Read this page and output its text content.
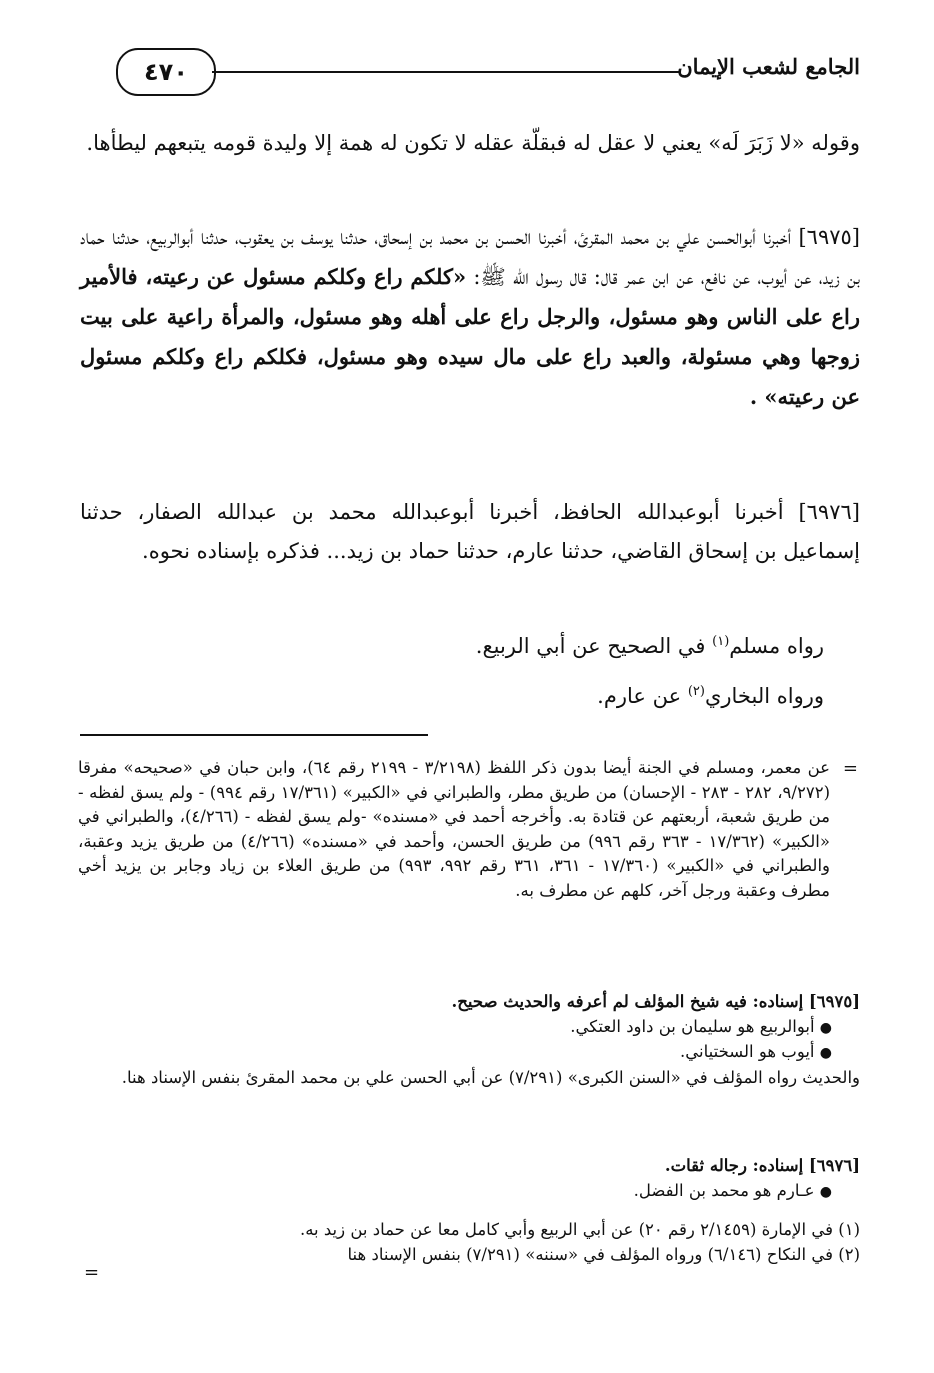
٤٧٠	الجامع لشعب الإيمان

وقوله «لا زَبَرَ لَه» يعني لا عقل له فبقلّة عقله لا تكون له همة إلا وليدة قومه يتبعهم ليطأها.

[٦٩٧٥] أخبرنا أبوالحسن علي بن محمد المقرئ، أخبرنا الحسن بن محمد بن إسحاق، حدثنا يوسف بن يعقوب، حدثنا أبوالربيع، حدثنا حماد بن زيد، عن أيوب، عن نافع، عن ابن عمر قال: قال رسول الله ﷺ: «كلكم راع وكلكم مسئول عن رعيته، فالأمير راع على الناس وهو مسئول، والرجل راع على أهله وهو مسئول، والمرأة راعية على بيت زوجها وهي مسئولة، والعبد راع على مال سيده وهو مسئول، فكلكم راع وكلكم مسئول عن رعيته» .

[٦٩٧٦] أخبرنا أبوعبدالله الحافظ، أخبرنا أبوعبدالله محمد بن عبدالله الصفار، حدثنا إسماعيل بن إسحاق القاضي، حدثنا عارم، حدثنا حماد بن زيد... فذكره بإسناده نحوه.

رواه مسلم$^{(١)}$ في الصحيح عن أبي الربيع.
ورواه البخاري$^{(٢)}$ عن عارم.
=

عن معمر، ومسلم في الجنة أيضا بدون ذكر اللفظ (٣/٢١٩٨ - ٢١٩٩ رقم ٦٤)، وابن حبان في «صحيحه» مفرقا (٩/٢٧٢، ٢٨٢ - ٢٨٣ - الإحسان) من طريق مطر، والطبراني في «الكبير» (١٧/٣٦١ رقم ٩٩٤) - ولم يسق لفظه - من طريق شعبة، أربعتهم عن قتادة به. وأخرجه أحمد في «مسنده» -ولم يسق لفظه - (٤/٢٦٦)، والطبراني في «الكبير» (١٧/٣٦٢ - ٣٦٣ رقم ٩٩٦) من طريق الحسن، وأحمد في «مسنده» (٤/٢٦٦) من طريق يزيد وعقبة، والطبراني في «الكبير» (١٧/٣٦٠ - ٣٦١، ٣٦١ رقم ٩٩٢، ٩٩٣) من طريق العلاء بن زياد وجابر بن يزيد أخي مطرف وعقبة ورجل آخر، كلهم عن مطرف به.

[٦٩٧٥] إسناده: فيه شيخ المؤلف لم أعرفه والحديث صحيح.

● أبوالربيع هو سليمان بن داود العتكي.

● أيوب هو السختياني.

والحديث رواه المؤلف في «السنن الكبرى» (٧/٢٩١) عن أبي الحسن علي بن محمد المقرئ بنفس الإسناد هنا.

[٦٩٧٦] إسناده: رجاله ثقات.

● عـارم هو محمد بن الفضل.

(١) في الإمارة (٢/١٤٥٩ رقم ٢٠) عن أبي الربيع وأبي كامل معا عن حماد بن زيد به.

(٢) في النكاح (٦/١٤٦) ورواه المؤلف في «سننه» (٧/٢٩١) بنفس الإسناد هنا

=
